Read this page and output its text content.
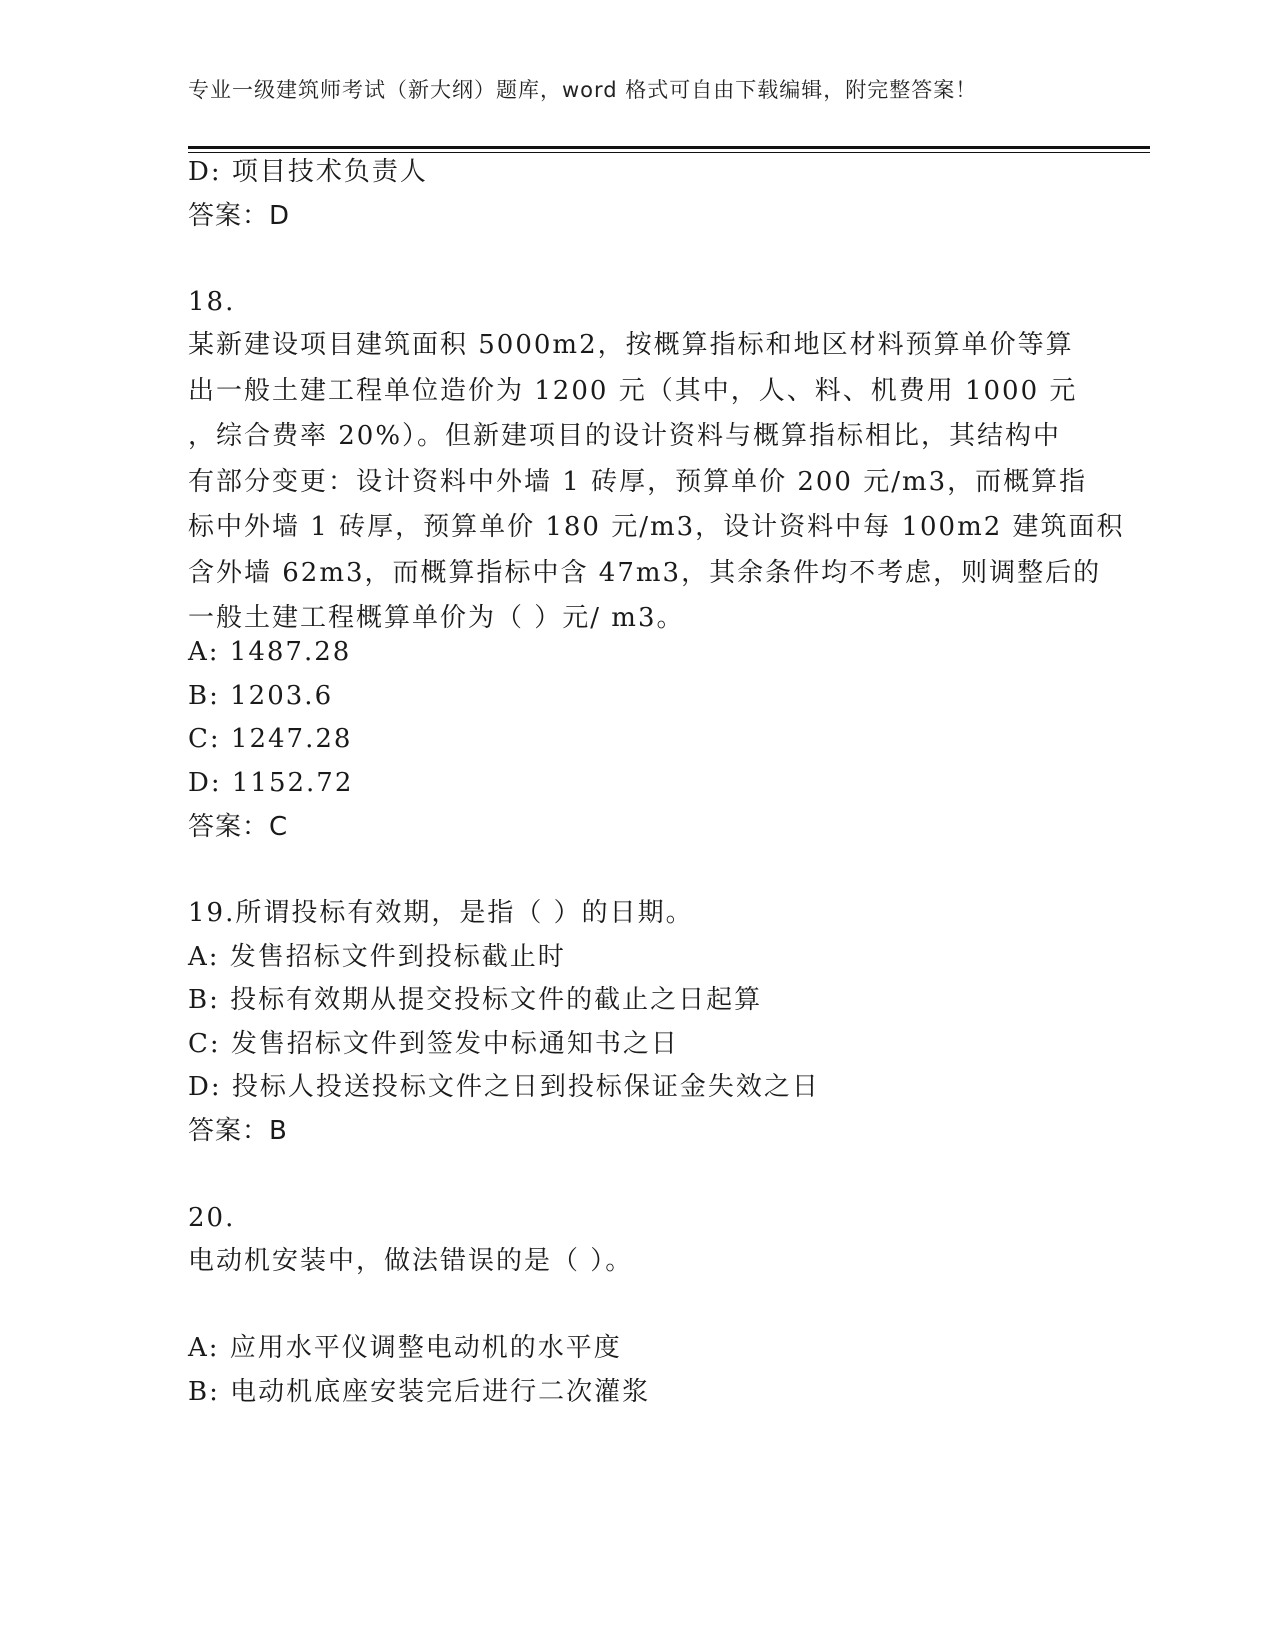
专业一级建筑师考试（新大纲）题库，word 格式可自由下载编辑，附完整答案！
D: 项目技术负责人
答案：D
18.
某新建设项目建筑面积 5000m2，按概算指标和地区材料预算单价等算
出一般土建工程单位造价为 1200 元（其中，人、料、机费用 1000 元
，综合费率 20%）。但新建项目的设计资料与概算指标相比，其结构中
有部分变更：设计资料中外墙 1 砖厚，预算单价 200 元/m3，而概算指
标中外墙 1 砖厚，预算单价 180 元/m3，设计资料中每 100m2 建筑面积
含外墙 62m3，而概算指标中含 47m3，其余条件均不考虑，则调整后的
一般土建工程概算单价为（ ）元/ m3。
A: 1487.28
B: 1203.6
C: 1247.28
D: 1152.72
答案：C
19.所谓投标有效期，是指（ ）的日期。
A: 发售招标文件到投标截止时
B: 投标有效期从提交投标文件的截止之日起算
C: 发售招标文件到签发中标通知书之日
D: 投标人投送投标文件之日到投标保证金失效之日
答案：B
20.
电动机安装中，做法错误的是（ ）。
A: 应用水平仪调整电动机的水平度
B: 电动机底座安装完后进行二次灌浆
